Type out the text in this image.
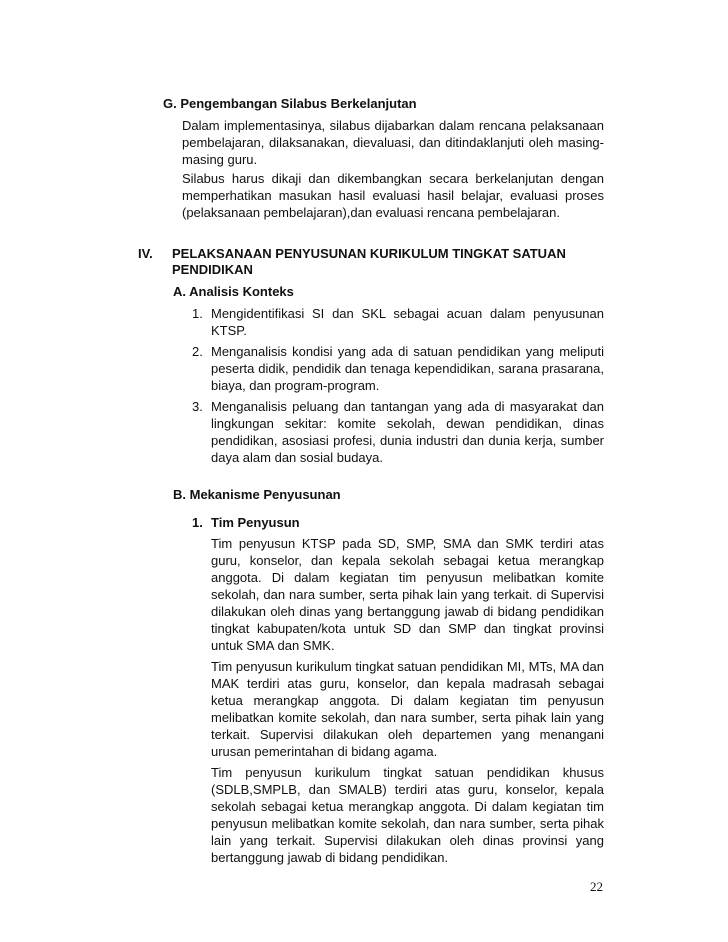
G. Pengembangan Silabus Berkelanjutan

Dalam implementasinya, silabus dijabarkan dalam rencana pelaksanaan pembelajaran, dilaksanakan, dievaluasi, dan ditindaklanjuti oleh masing-masing guru.

Silabus harus dikaji dan dikembangkan secara berkelanjutan dengan memperhatikan masukan hasil evaluasi hasil belajar, evaluasi proses (pelaksanaan pembelajaran),dan evaluasi rencana pembelajaran.

IV.	PELAKSANAAN PENYUSUNAN KURIKULUM TINGKAT SATUAN
PENDIDIKAN

A. Analisis Konteks

1. Mengidentifikasi SI dan SKL sebagai acuan dalam penyusunan KTSP.

2. Menganalisis kondisi yang ada di satuan pendidikan yang meliputi peserta didik, pendidik dan tenaga kependidikan, sarana prasarana, biaya, dan program-program.

3. Menganalisis peluang dan tantangan yang ada di masyarakat dan lingkungan sekitar: komite sekolah, dewan pendidikan, dinas pendidikan, asosiasi profesi, dunia industri dan dunia kerja, sumber daya alam dan sosial budaya.

B. Mekanisme Penyusunan

1. Tim Penyusun

Tim penyusun KTSP pada SD, SMP, SMA dan SMK terdiri atas guru, konselor, dan kepala sekolah sebagai ketua merangkap anggota. Di dalam kegiatan tim penyusun melibatkan komite sekolah, dan nara sumber, serta pihak lain yang terkait. di Supervisi dilakukan oleh dinas yang bertanggung jawab di bidang pendidikan tingkat kabupaten/kota untuk SD dan SMP dan tingkat provinsi untuk SMA dan SMK.

Tim penyusun kurikulum tingkat satuan pendidikan MI, MTs, MA dan MAK terdiri atas guru, konselor, dan kepala madrasah sebagai ketua merangkap anggota. Di dalam kegiatan tim penyusun melibatkan komite sekolah, dan nara sumber, serta pihak lain yang terkait. Supervisi dilakukan oleh departemen yang menangani urusan pemerintahan di bidang agama.

Tim penyusun kurikulum tingkat satuan pendidikan khusus (SDLB,SMPLB, dan SMALB) terdiri atas guru, konselor, kepala sekolah sebagai ketua merangkap anggota. Di dalam kegiatan tim penyusun melibatkan komite sekolah, dan nara sumber, serta pihak lain yang terkait. Supervisi dilakukan oleh dinas provinsi yang bertanggung jawab di bidang pendidikan.

22
